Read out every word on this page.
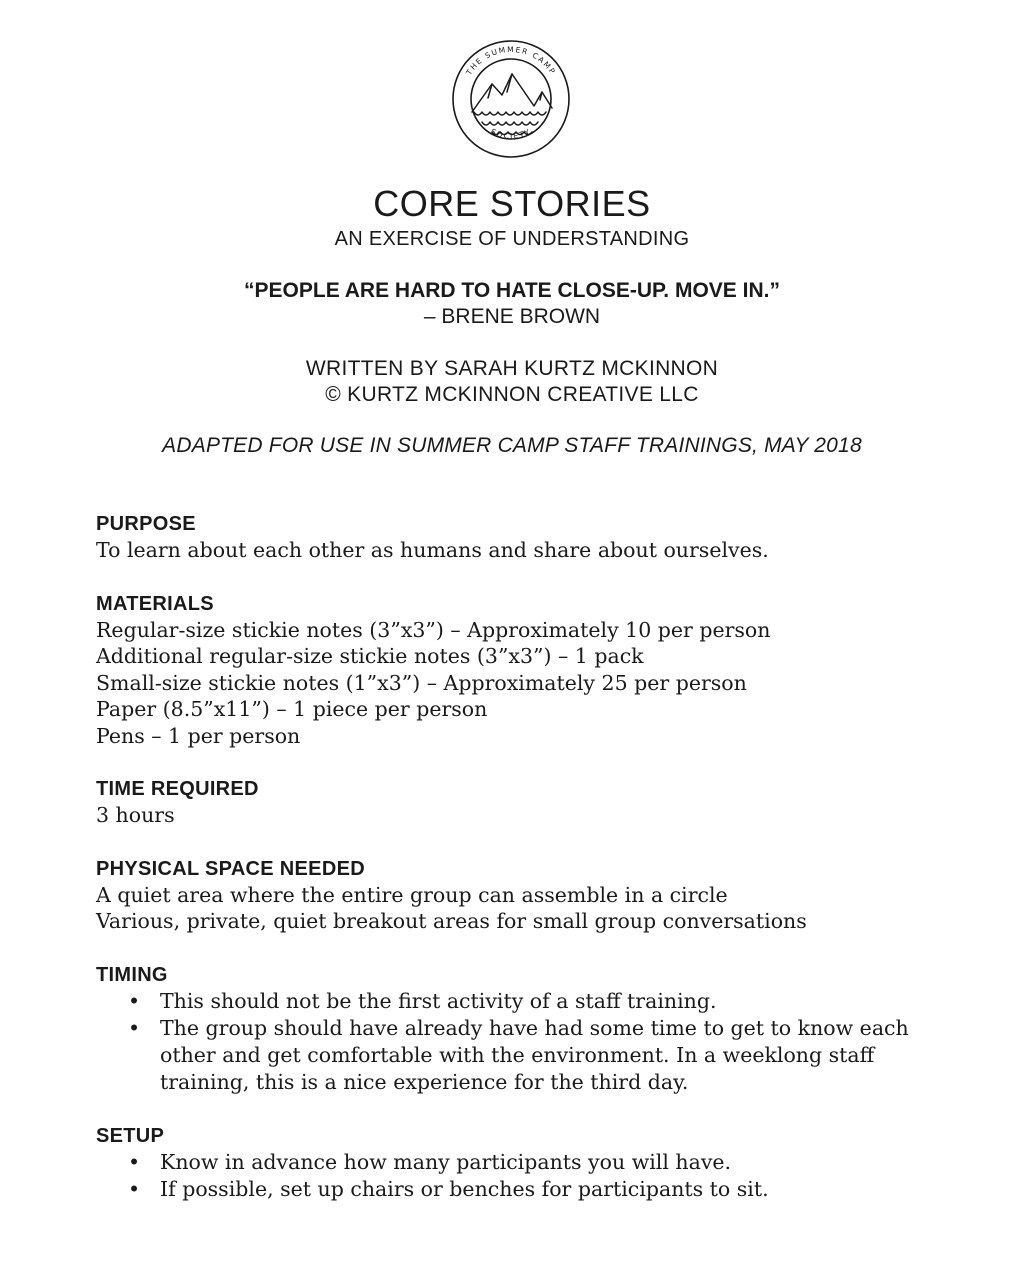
THE SUMMER CAMP
SOCIETY
CORE STORIES
AN EXERCISE OF UNDERSTANDING
“PEOPLE ARE HARD TO HATE CLOSE-UP. MOVE IN.”
– BRENE BROWN
WRITTEN BY SARAH KURTZ MCKINNON
© KURTZ MCKINNON CREATIVE LLC
ADAPTED FOR USE IN SUMMER CAMP STAFF TRAININGS, MAY 2018
PURPOSE
To learn about each other as humans and share about ourselves.
MATERIALS
Regular-size stickie notes (3”x3”) – Approximately 10 per person
Additional regular-size stickie notes (3”x3”) – 1 pack
Small-size stickie notes (1”x3”) – Approximately 25 per person
Paper (8.5”x11”) – 1 piece per person
Pens – 1 per person
TIME REQUIRED
3 hours
PHYSICAL SPACE NEEDED
A quiet area where the entire group can assemble in a circle
Various, private, quiet breakout areas for small group conversations
TIMING
• This should not be the first activity of a staff training.
• The group should have already have had some time to get to know each other and get comfortable with the environment. In a weeklong staff training, this is a nice experience for the third day.
SETUP
• Know in advance how many participants you will have.
• If possible, set up chairs or benches for participants to sit.
